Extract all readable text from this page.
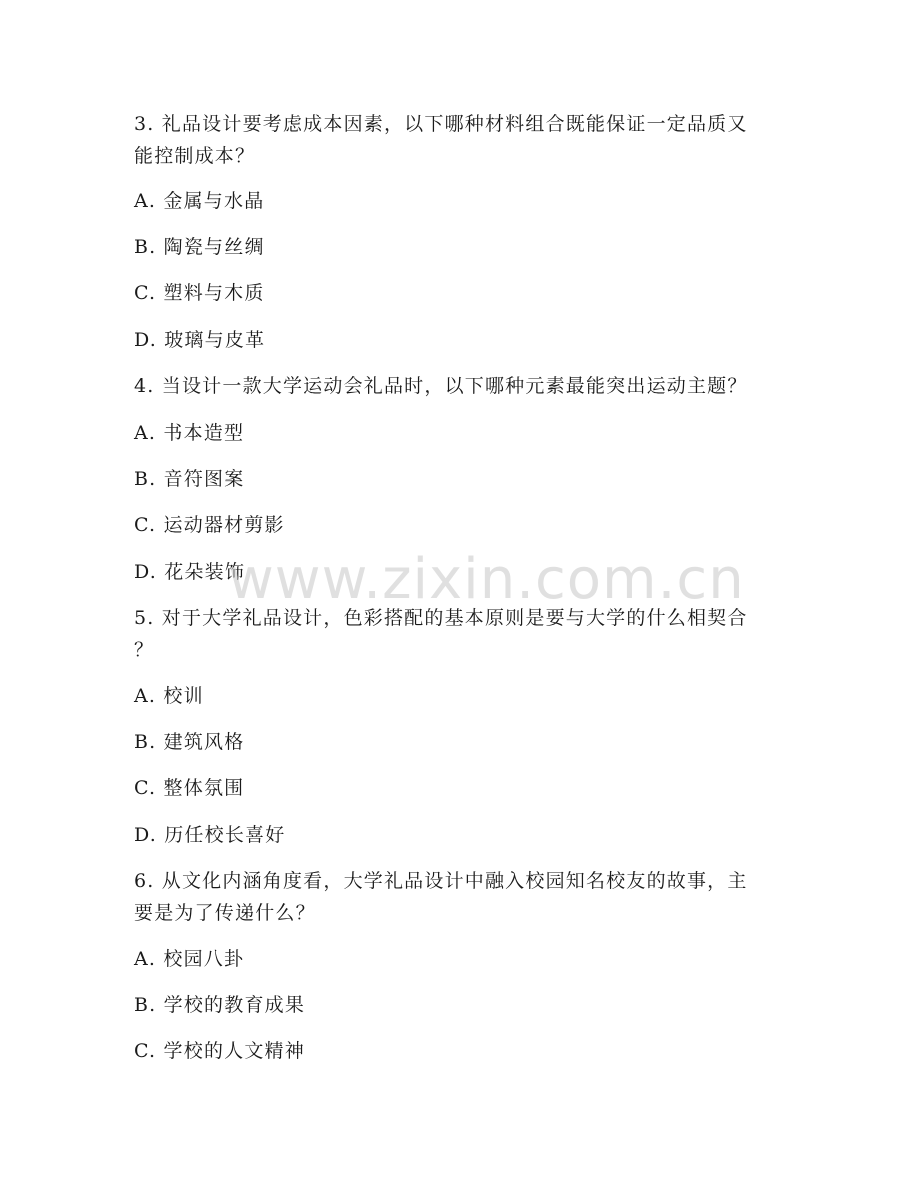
3. 礼品设计要考虑成本因素，以下哪种材料组合既能保证一定品质又
能控制成本？
A. 金属与水晶
B. 陶瓷与丝绸
C. 塑料与木质
D. 玻璃与皮革
4. 当设计一款大学运动会礼品时，以下哪种元素最能突出运动主题？
A. 书本造型
B. 音符图案
C. 运动器材剪影
D. 花朵装饰
5. 对于大学礼品设计，色彩搭配的基本原则是要与大学的什么相契合
？
A. 校训
B. 建筑风格
C. 整体氛围
D. 历任校长喜好
6. 从文化内涵角度看，大学礼品设计中融入校园知名校友的故事，主
要是为了传递什么？
A. 校园八卦
B. 学校的教育成果
C. 学校的人文精神
www.zixin.com.cn
